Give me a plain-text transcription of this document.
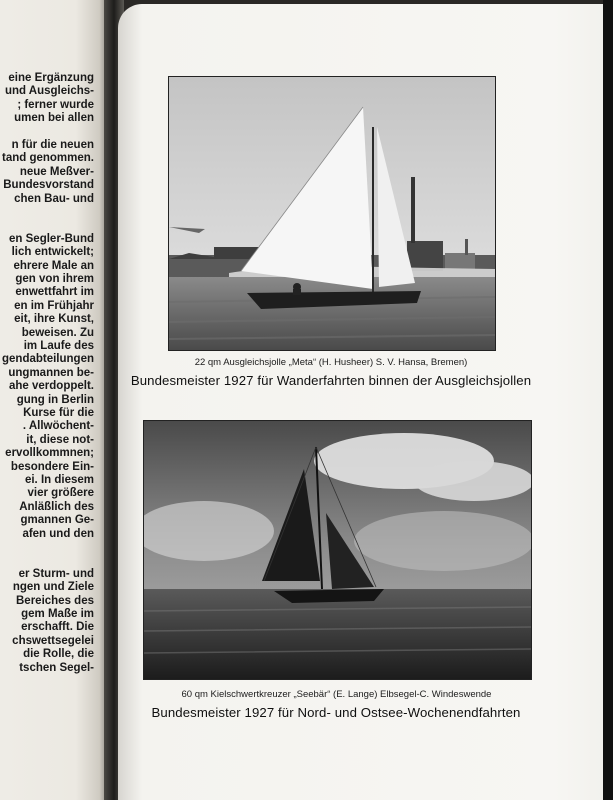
eine Ergänzung
und Ausgleichs-
; ferner wurde
umen bei allen
n für die neuen
tand genommen.
neue Meßver-
Bundesvorstand
chen Bau- und
en Segler-Bund
lich entwickelt;
ehrere Male an
gen von ihrem
enwettfahrt im
en im Frühjahr
eit, ihre Kunst,
beweisen. Zu
im Laufe des
gendabteilungen
ungmannen be-
ahe verdoppelt.
gung in Berlin
Kurse für die
. Allwöchent-
it, diese not-
ervollkommnen;
besondere Ein-
ei. In diesem
vier größere
Anläßlich des
gmannen Ge-
afen und den
er Sturm- und
ngen und Ziele
Bereiches des
gem Maße im
erschafft. Die
chswettsegelei
die Rolle, die
tschen Segel-
22 qm Ausgleichsjolle „Meta“ (H. Husheer) S. V. Hansa, Bremen)
Bundesmeister 1927 für Wanderfahrten binnen der Ausgleichsjollen
60 qm Kielschwertkreuzer „Seebär“ (E. Lange) Elbsegel-C. Windeswende
Bundesmeister 1927 für Nord- und Ostsee-Wochenendfahrten
